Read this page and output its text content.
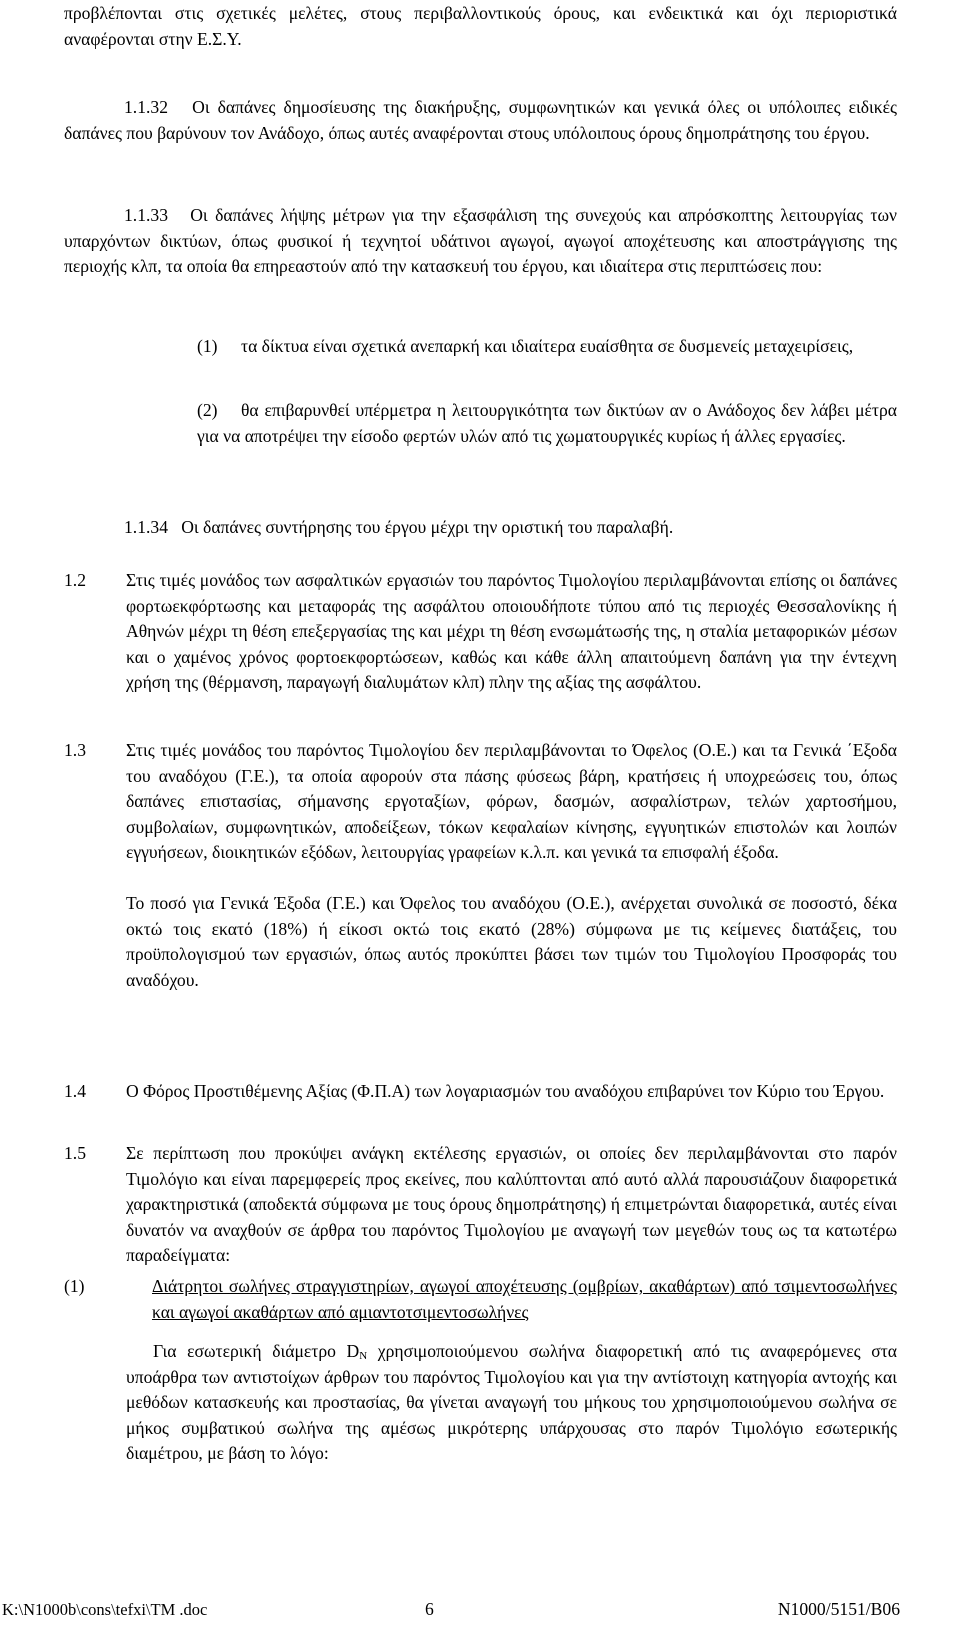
προβλέπονται στις σχετικές μελέτες, στους περιβαλλοντικούς όρους, και ενδεικτικά και όχι περιοριστικά αναφέρονται στην Ε.Σ.Υ.

1.1.32 Οι δαπάνες δημοσίευσης της διακήρυξης, συμφωνητικών και γενικά όλες οι υπόλοιπες ειδικές δαπάνες που βαρύνουν τον Ανάδοχο, όπως αυτές αναφέρονται στους υπόλοιπους όρους δημοπράτησης του έργου.

1.1.33 Οι δαπάνες λήψης μέτρων για την εξασφάλιση της συνεχούς και απρόσκοπτης λειτουργίας των υπαρχόντων δικτύων, όπως φυσικοί ή τεχνητοί υδάτινοι αγωγοί, αγωγοί αποχέτευσης και αποστράγγισης της περιοχής κλπ, τα οποία θα επηρεαστούν από την κατασκευή του έργου, και ιδιαίτερα στις περιπτώσεις που:

(1) τα δίκτυα είναι σχετικά ανεπαρκή και ιδιαίτερα ευαίσθητα σε δυσμενείς μεταχειρίσεις,

(2) θα επιβαρυνθεί υπέρμετρα η λειτουργικότητα των δικτύων αν ο Ανάδοχος δεν λάβει μέτρα για να αποτρέψει την είσοδο φερτών υλών από τις χωματουργικές κυρίως ή άλλες εργασίες.

1.1.34 Οι δαπάνες συντήρησης του έργου μέχρι την οριστική του παραλαβή.

1.2 Στις τιμές μονάδος των ασφαλτικών εργασιών του παρόντος Τιμολογίου περιλαμβάνονται επίσης οι δαπάνες φορτωεκφόρτωσης και μεταφοράς της ασφάλτου οποιουδήποτε τύπου από τις περιοχές Θεσσαλονίκης ή Αθηνών μέχρι τη θέση επεξεργασίας της και μέχρι τη θέση ενσωμάτωσής της, η σταλία μεταφορικών μέσων και ο χαμένος χρόνος φορτοεκφορτώσεων, καθώς και κάθε άλλη απαιτούμενη δαπάνη για την έντεχνη χρήση της (θέρμανση, παραγωγή διαλυμάτων κλπ) πλην της αξίας της ασφάλτου.

1.3 Στις τιμές μονάδος του παρόντος Τιμολογίου δεν περιλαμβάνονται το Όφελος (Ο.Ε.) και τα Γενικά ΄Εξοδα του αναδόχου (Γ.Ε.), τα οποία αφορούν στα πάσης φύσεως βάρη, κρατήσεις ή υποχρεώσεις του, όπως δαπάνες επιστασίας, σήμανσης εργοταξίων, φόρων, δασμών, ασφαλίστρων, τελών χαρτοσήμου, συμβολαίων, συμφωνητικών, αποδείξεων, τόκων κεφαλαίων κίνησης, εγγυητικών επιστολών και λοιπών εγγυήσεων, διοικητικών εξόδων, λειτουργίας γραφείων κ.λ.π. και γενικά τα επισφαλή έξοδα.

Το ποσό για Γενικά Έξοδα (Γ.Ε.) και Όφελος του αναδόχου (Ο.Ε.), ανέρχεται συνολικά σε ποσοστό, δέκα οκτώ τοις εκατό (18%) ή είκοσι οκτώ τοις εκατό (28%) σύμφωνα με τις κείμενες διατάξεις, του προϋπολογισμού των εργασιών, όπως αυτός προκύπτει βάσει των τιμών του Τιμολογίου Προσφοράς του αναδόχου.

1.4 Ο Φόρος Προστιθέμενης Αξίας (Φ.Π.Α) των λογαριασμών του αναδόχου επιβαρύνει τον Κύριο του Έργου.

1.5 Σε περίπτωση που προκύψει ανάγκη εκτέλεσης εργασιών, οι οποίες δεν περιλαμβάνονται στο παρόν Τιμολόγιο και είναι παρεμφερείς προς εκείνες, που καλύπτονται από αυτό αλλά παρουσιάζουν διαφορετικά χαρακτηριστικά (αποδεκτά σύμφωνα με τους όρους δημοπράτησης) ή επιμετρώνται διαφορετικά, αυτές είναι δυνατόν να αναχθούν σε άρθρα του παρόντος Τιμολογίου με αναγωγή των μεγεθών τους ως τα κατωτέρω παραδείγματα:

(1)	Διάτρητοι σωλήνες στραγγιστηρίων, αγωγοί αποχέτευσης (ομβρίων, ακαθάρτων) από τσιμεντοσωλήνες και αγωγοί ακαθάρτων από αμιαντοτσιμεντοσωλήνες

Για εσωτερική διάμετρο $D_N$ χρησιμοποιούμενου σωλήνα διαφορετική από τις αναφερόμενες στα υποάρθρα των αντιστοίχων άρθρων του παρόντος Τιμολογίου και για την αντίστοιχη κατηγορία αντοχής και μεθόδων κατασκευής και προστασίας, θα γίνεται αναγωγή του μήκους του χρησιμοποιούμενου σωλήνα σε μήκος συμβατικού σωλήνα της αμέσως μικρότερης υπάρχουσας στο παρόν Τιμολόγιο εσωτερικής διαμέτρου, με βάση το λόγο:

K:\N1000b\cons\tefxi\TM .doc	6	N1000/5151/B06
